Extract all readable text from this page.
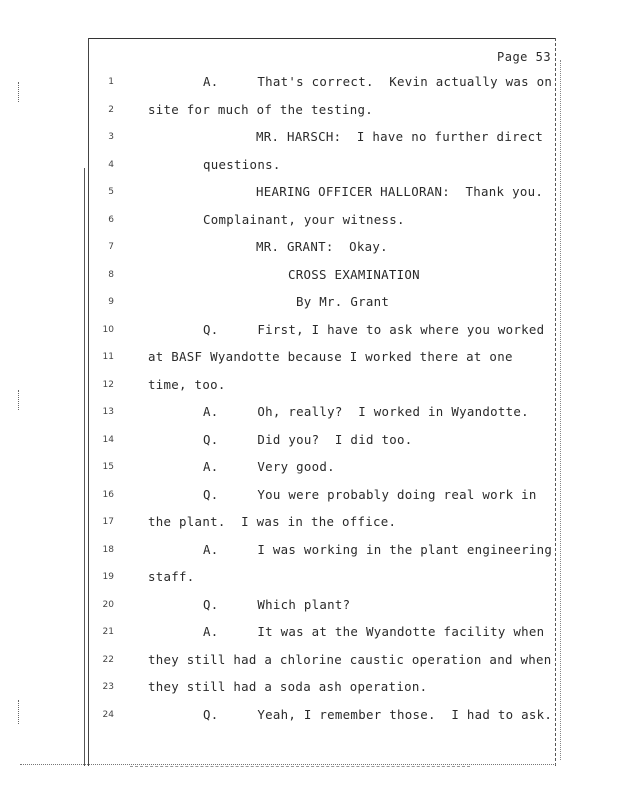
Page 53
1	A.     That's correct.  Kevin actually was on
2	site for much of the testing.
3	MR. HARSCH:  I have no further direct
4	questions.
5	HEARING OFFICER HALLORAN:  Thank you.
6	Complainant, your witness.
7	MR. GRANT:  Okay.
8	CROSS EXAMINATION
9	By Mr. Grant
10	Q.     First, I have to ask where you worked
11	at BASF Wyandotte because I worked there at one
12	time, too.
13	A.     Oh, really?  I worked in Wyandotte.
14	Q.     Did you?  I did too.
15	A.     Very good.
16	Q.     You were probably doing real work in
17	the plant.  I was in the office.
18	A.     I was working in the plant engineering
19	staff.
20	Q.     Which plant?
21	A.     It was at the Wyandotte facility when
22	they still had a chlorine caustic operation and when
23	they still had a soda ash operation.
24	Q.     Yeah, I remember those.  I had to ask.
